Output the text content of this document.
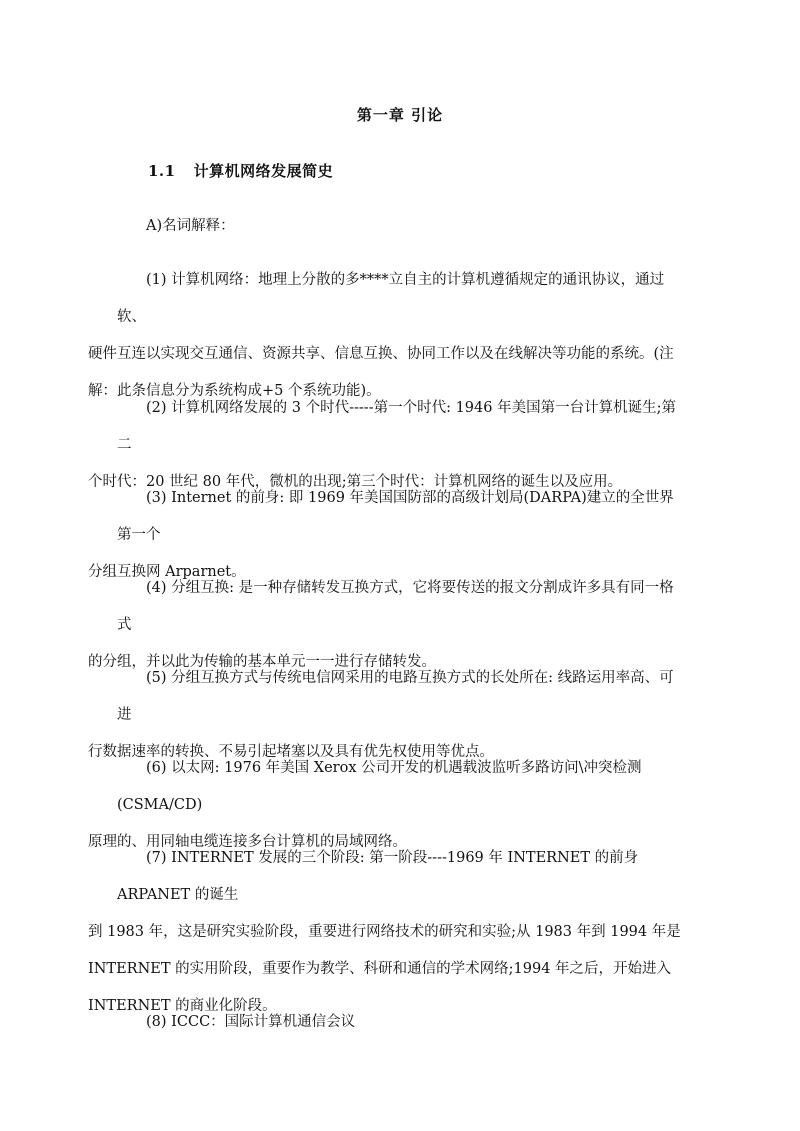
第一章 引论
1.1 计算机网络发展简史
A)名词解释：
(1) 计算机网络：地理上分散的多****立自主的计算机遵循规定的通讯协议，通过软、
硬件互连以实现交互通信、资源共享、信息互换、协同工作以及在线解决等功能的系统。(注
解：此条信息分为系统构成+5 个系统功能)。
(2) 计算机网络发展的 3 个时代-----第一个时代: 1946 年美国第一台计算机诞生;第二
个时代：20 世纪 80 年代，微机的出现;第三个时代：计算机网络的诞生以及应用。
(3) Internet 的前身: 即 1969 年美国国防部的高级计划局(DARPA)建立的全世界第一个
分组互换网 Arparnet。
(4) 分组互换: 是一种存储转发互换方式，它将要传送的报文分割成许多具有同一格式
的分组，并以此为传输的基本单元一一进行存储转发。
(5) 分组互换方式与传统电信网采用的电路互换方式的长处所在: 线路运用率高、可进
行数据速率的转换、不易引起堵塞以及具有优先权使用等优点。
(6) 以太网: 1976 年美国 Xerox 公司开发的机遇载波监听多路访问\冲突检测(CSMA/CD)
原理的、用同轴电缆连接多台计算机的局域网络。
(7) INTERNET 发展的三个阶段: 第一阶段----1969 年 INTERNET 的前身 ARPANET 的诞生
到 1983 年，这是研究实验阶段，重要进行网络技术的研究和实验;从 1983 年到 1994 年是
INTERNET 的实用阶段，重要作为教学、科研和通信的学术网络;1994 年之后，开始进入
INTERNET 的商业化阶段。
(8) ICCC：国际计算机通信会议
